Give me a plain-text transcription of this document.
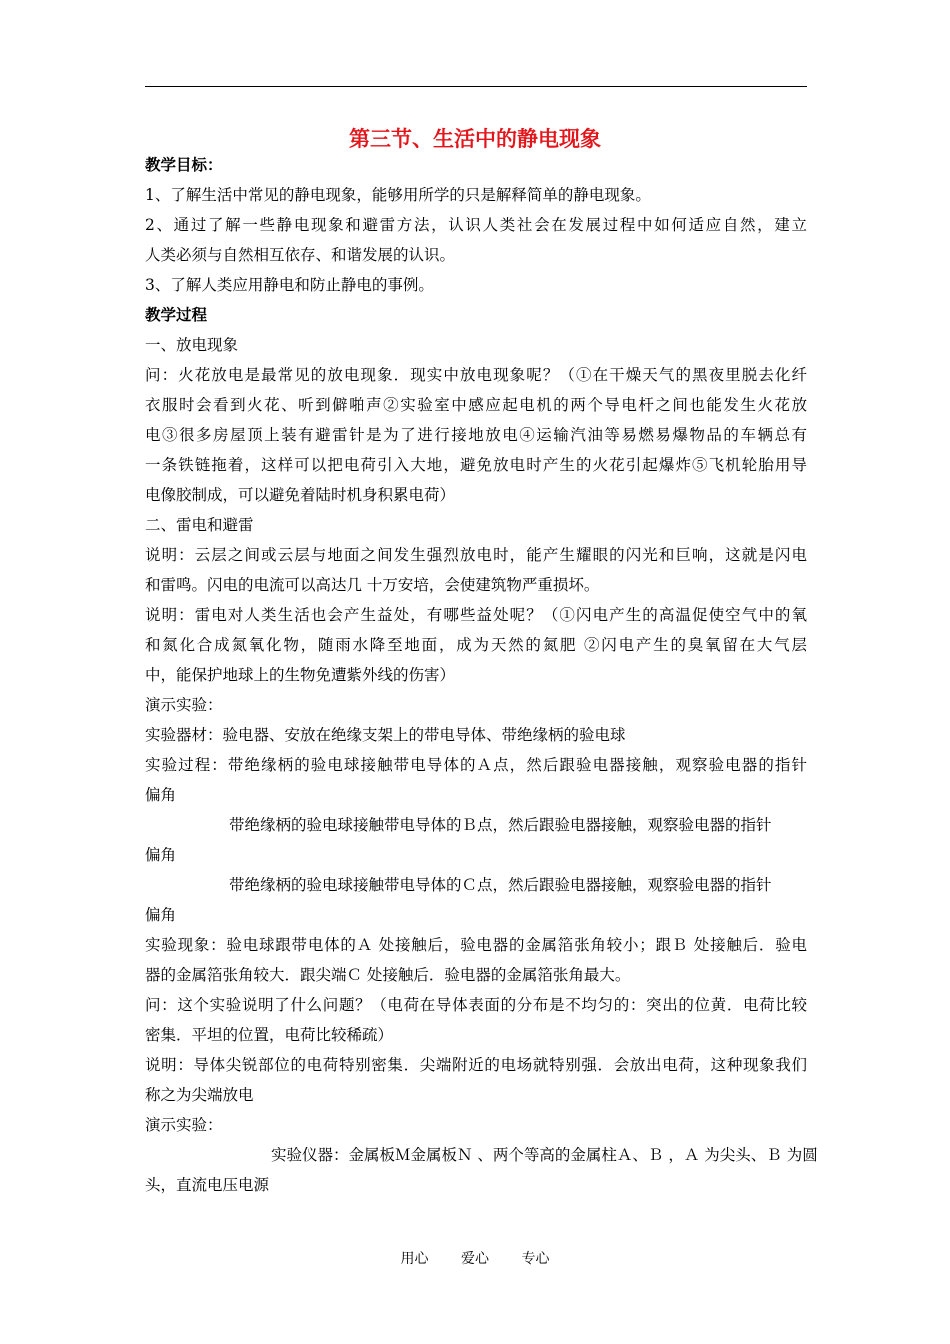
第三节、生活中的静电现象
教学目标：
1、了解生活中常见的静电现象，能够用所学的只是解释简单的静电现象。
2、通过了解一些静电现象和避雷方法，认识人类社会在发展过程中如何适应自然，建立
人类必须与自然相互依存、和谐发展的认识。
3、了解人类应用静电和防止静电的事例。
教学过程
一、放电现象
问：火花放电是最常见的放电现象．现实中放电现象呢？（①在干燥天气的黑夜里脱去化纤
衣服时会看到火花、听到僻啪声②实验室中感应起电机的两个导电杆之间也能发生火花放
电③很多房屋顶上装有避雷针是为了进行接地放电④运输汽油等易燃易爆物品的车辆总有
一条铁链拖着，这样可以把电荷引入大地，避免放电时产生的火花引起爆炸⑤飞机轮胎用导
电像胶制成，可以避免着陆时机身积累电荷）
二、雷电和避雷
说明：云层之间或云层与地面之间发生强烈放电时，能产生耀眼的闪光和巨响，这就是闪电
和雷鸣。闪电的电流可以高达几 十万安培，会使建筑物严重损坏。
说明：雷电对人类生活也会产生益处，有哪些益处呢？（①闪电产生的高温促使空气中的氧
和氮化合成氮氧化物，随雨水降至地面，成为天然的氮肥 ②闪电产生的臭氧留在大气层
中，能保护地球上的生物免遭紫外线的伤害）
演示实验：
实验器材：验电器、安放在绝缘支架上的带电导体、带绝缘柄的验电球
实验过程：带绝缘柄的验电球接触带电导体的Ａ点，然后跟验电器接触，观察验电器的指针
偏角
带绝缘柄的验电球接触带电导体的Ｂ点，然后跟验电器接触，观察验电器的指针
偏角
带绝缘柄的验电球接触带电导体的Ｃ点，然后跟验电器接触，观察验电器的指针
偏角
实验现象：验电球跟带电体的Ａ 处接触后，验电器的金属箔张角较小；跟Ｂ 处接触后．验电
器的金属箔张角较大．跟尖端Ｃ 处接触后．验电器的金属箔张角最大。
问：这个实验说明了什么问题？（电荷在导体表面的分布是不均匀的：突出的位黄．电荷比较
密集．平坦的位置，电荷比较稀疏）
说明：导体尖锐部位的电荷特别密集．尖端附近的电场就特别强．会放出电荷，这种现象我们
称之为尖端放电
演示实验：
实验仪器：金属板Ｍ金属板Ｎ 、两个等高的金属柱Ａ、Ｂ ，Ａ 为尖头、Ｂ 为圆
头，直流电压电源
用心 爱心 专心
